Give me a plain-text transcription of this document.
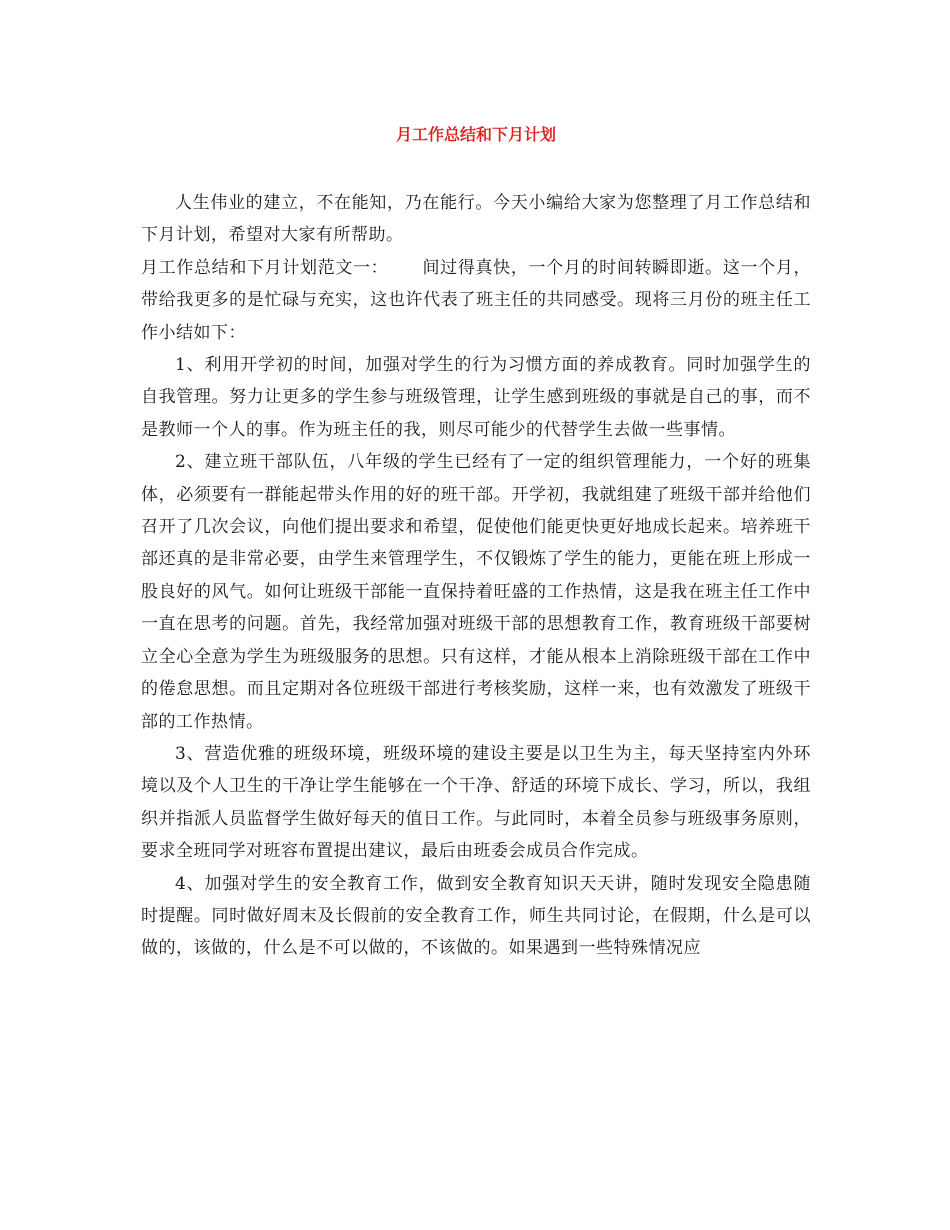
月工作总结和下月计划

人生伟业的建立，不在能知，乃在能行。今天小编给大家为您整理了月工作总结和下月计划，希望对大家有所帮助。

月工作总结和下月计划范文一： 间过得真快，一个月的时间转瞬即逝。这一个月，带给我更多的是忙碌与充实，这也许代表了班主任的共同感受。现将三月份的班主任工作小结如下：

1、利用开学初的时间，加强对学生的行为习惯方面的养成教育。同时加强学生的自我管理。努力让更多的学生参与班级管理，让学生感到班级的事就是自己的事，而不是教师一个人的事。作为班主任的我，则尽可能少的代替学生去做一些事情。

2、建立班干部队伍，八年级的学生已经有了一定的组织管理能力，一个好的班集体，必须要有一群能起带头作用的好的班干部。开学初，我就组建了班级干部并给他们召开了几次会议，向他们提出要求和希望，促使他们能更快更好地成长起来。培养班干部还真的是非常必要，由学生来管理学生，不仅锻炼了学生的能力，更能在班上形成一股良好的风气。如何让班级干部能一直保持着旺盛的工作热情，这是我在班主任工作中一直在思考的问题。首先，我经常加强对班级干部的思想教育工作，教育班级干部要树立全心全意为学生为班级服务的思想。只有这样，才能从根本上消除班级干部在工作中的倦怠思想。而且定期对各位班级干部进行考核奖励，这样一来，也有效激发了班级干部的工作热情。

3、营造优雅的班级环境，班级环境的建设主要是以卫生为主，每天坚持室内外环境以及个人卫生的干净让学生能够在一个干净、舒适的环境下成长、学习，所以，我组织并指派人员监督学生做好每天的值日工作。与此同时，本着全员参与班级事务原则，要求全班同学对班容布置提出建议，最后由班委会成员合作完成。

4、加强对学生的安全教育工作，做到安全教育知识天天讲，随时发现安全隐患随时提醒。同时做好周末及长假前的安全教育工作，师生共同讨论，在假期，什么是可以做的，该做的，什么是不可以做的，不该做的。如果遇到一些特殊情况应
